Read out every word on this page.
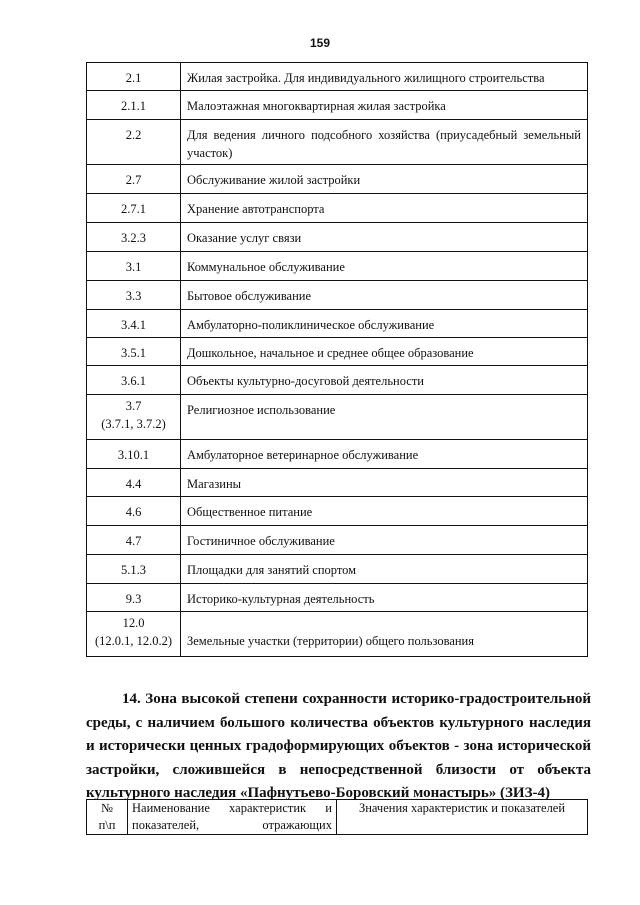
159
2.1	Жилая застройка. Для индивидуального жилищного строительства

2.1.1	Малоэтажная многоквартирная жилая застройка

2.2	Для ведения личного подсобного хозяйства (приусадебный земельный участок)

2.7	Обслуживание жилой застройки

2.7.1	Хранение автотранспорта

3.2.3	Оказание услуг связи

3.1	Коммунальное обслуживание

3.3	Бытовое обслуживание

3.4.1	Амбулаторно-поликлиническое обслуживание

3.5.1	Дошкольное, начальное и среднее общее образование

3.6.1	Объекты культурно-досуговой деятельности

3.7
(3.7.1, 3.7.2)	Религиозное использование

3.10.1	Амбулаторное ветеринарное обслуживание

4.4	Магазины

4.6	Общественное питание

4.7	Гостиничное обслуживание

5.1.3	Площадки для занятий спортом

9.3	Историко-культурная деятельность

12.0
(12.0.1, 12.0.2)	Земельные участки (территории) общего пользования
14. Зона высокой степени сохранности историко-градостроительной среды, с наличием большого количества объектов культурного наследия и исторически ценных градоформирующих объектов - зона исторической застройки, сложившейся в непосредственной близости от объекта культурного наследия «Пафнутьево-Боровский монастырь» (ЗИЗ-4)
№
п\п
	Наименование характеристик и показателей, отражающих	Значения характеристик и показателей
